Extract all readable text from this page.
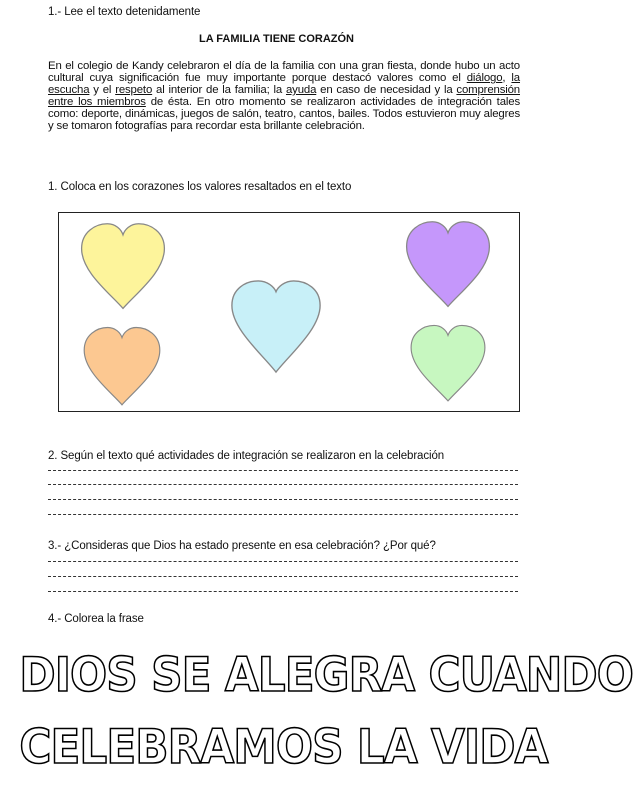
1.- Lee el texto detenidamente
LA FAMILIA TIENE CORAZÓN
En el colegio de Kandy celebraron el día de la familia con una gran fiesta, donde hubo un acto cultural cuya significación fue muy importante porque destacó valores como el diálogo, la escucha y el respeto al interior de la familia; la ayuda en caso de necesidad y la comprensión entre los miembros de ésta. En otro momento se realizaron actividades de integración tales como: deporte, dinámicas, juegos de salón, teatro, cantos, bailes. Todos estuvieron muy alegres y se tomaron fotografías para recordar esta brillante celebración.
1. Coloca en los corazones los valores resaltados en el texto
2. Según el texto qué actividades de integración se realizaron en la celebración
3.- ¿Consideras que Dios ha estado presente en esa celebración? ¿Por qué?
4.- Colorea la frase
DIOS SE ALEGRA CUANDO
CELEBRAMOS LA VIDA
